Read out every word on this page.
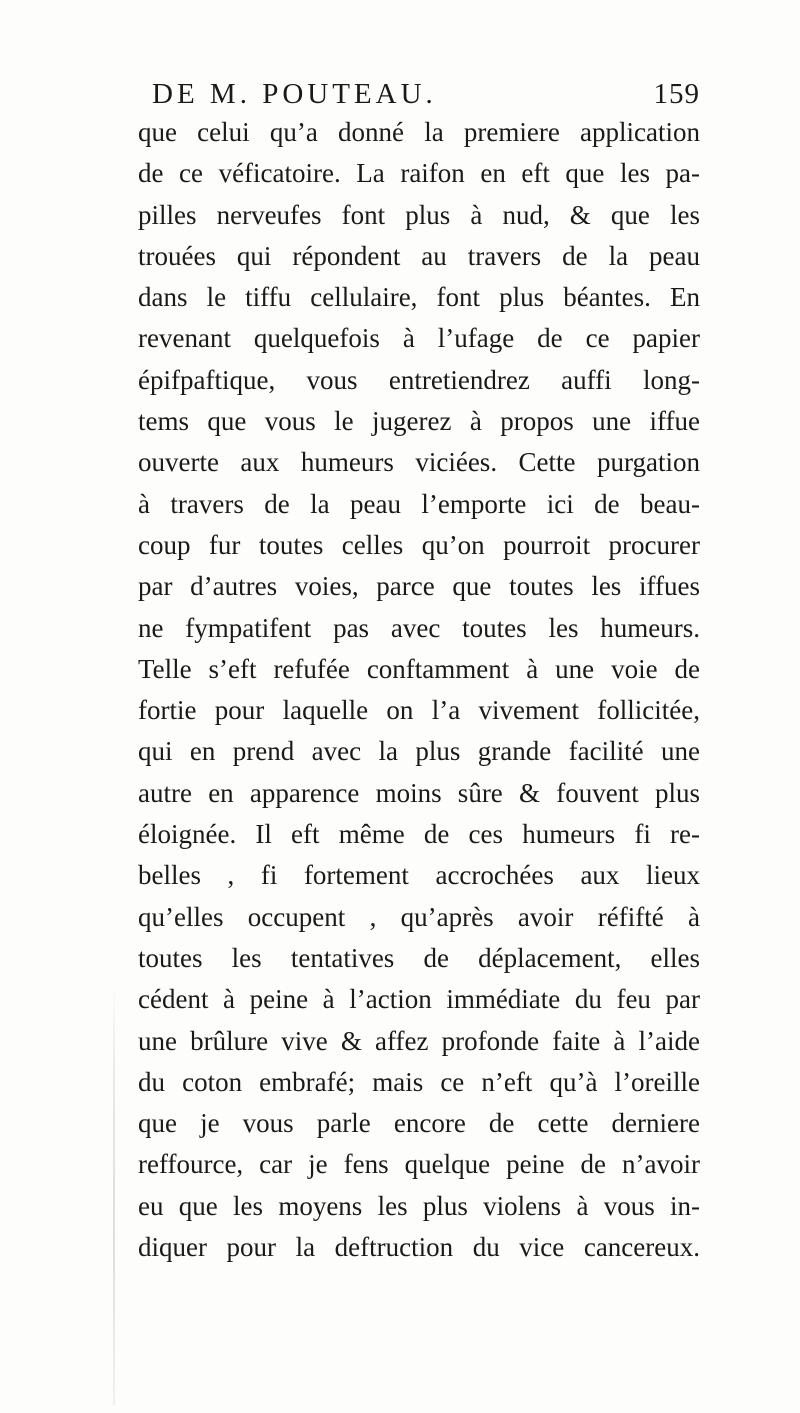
DE M. POUTEAU.	159
que celui qu’a donné la premiere application
de ce véficatoire. La raifon en eft que les pa-
pilles nerveufes font plus à nud, & que les
trouées qui répondent au travers de la peau
dans le tiffu cellulaire, font plus béantes. En
revenant quelquefois à l’ufage de ce papier
épifpaftique, vous entretiendrez auffi long-
tems que vous le jugerez à propos une iffue
ouverte aux humeurs viciées. Cette purgation
à travers de la peau l’emporte ici de beau-
coup fur toutes celles qu’on pourroit procurer
par d’autres voies, parce que toutes les iffues
ne fympatifent pas avec toutes les humeurs.
Telle s’eft refufée conftamment à une voie de
fortie pour laquelle on l’a vivement follicitée,
qui en prend avec la plus grande facilité une
autre en apparence moins sûre & fouvent plus
éloignée. Il eft même de ces humeurs fi re-
belles , fi fortement accrochées aux lieux
qu’elles occupent , qu’après avoir réfifté à
toutes les tentatives de déplacement, elles
cédent à peine à l’action immédiate du feu par
une brûlure vive & affez profonde faite à l’aide
du coton embrafé; mais ce n’eft qu’à l’oreille
que je vous parle encore de cette derniere
reffource, car je fens quelque peine de n’avoir
eu que les moyens les plus violens à vous in-
diquer pour la deftruction du vice cancereux.
